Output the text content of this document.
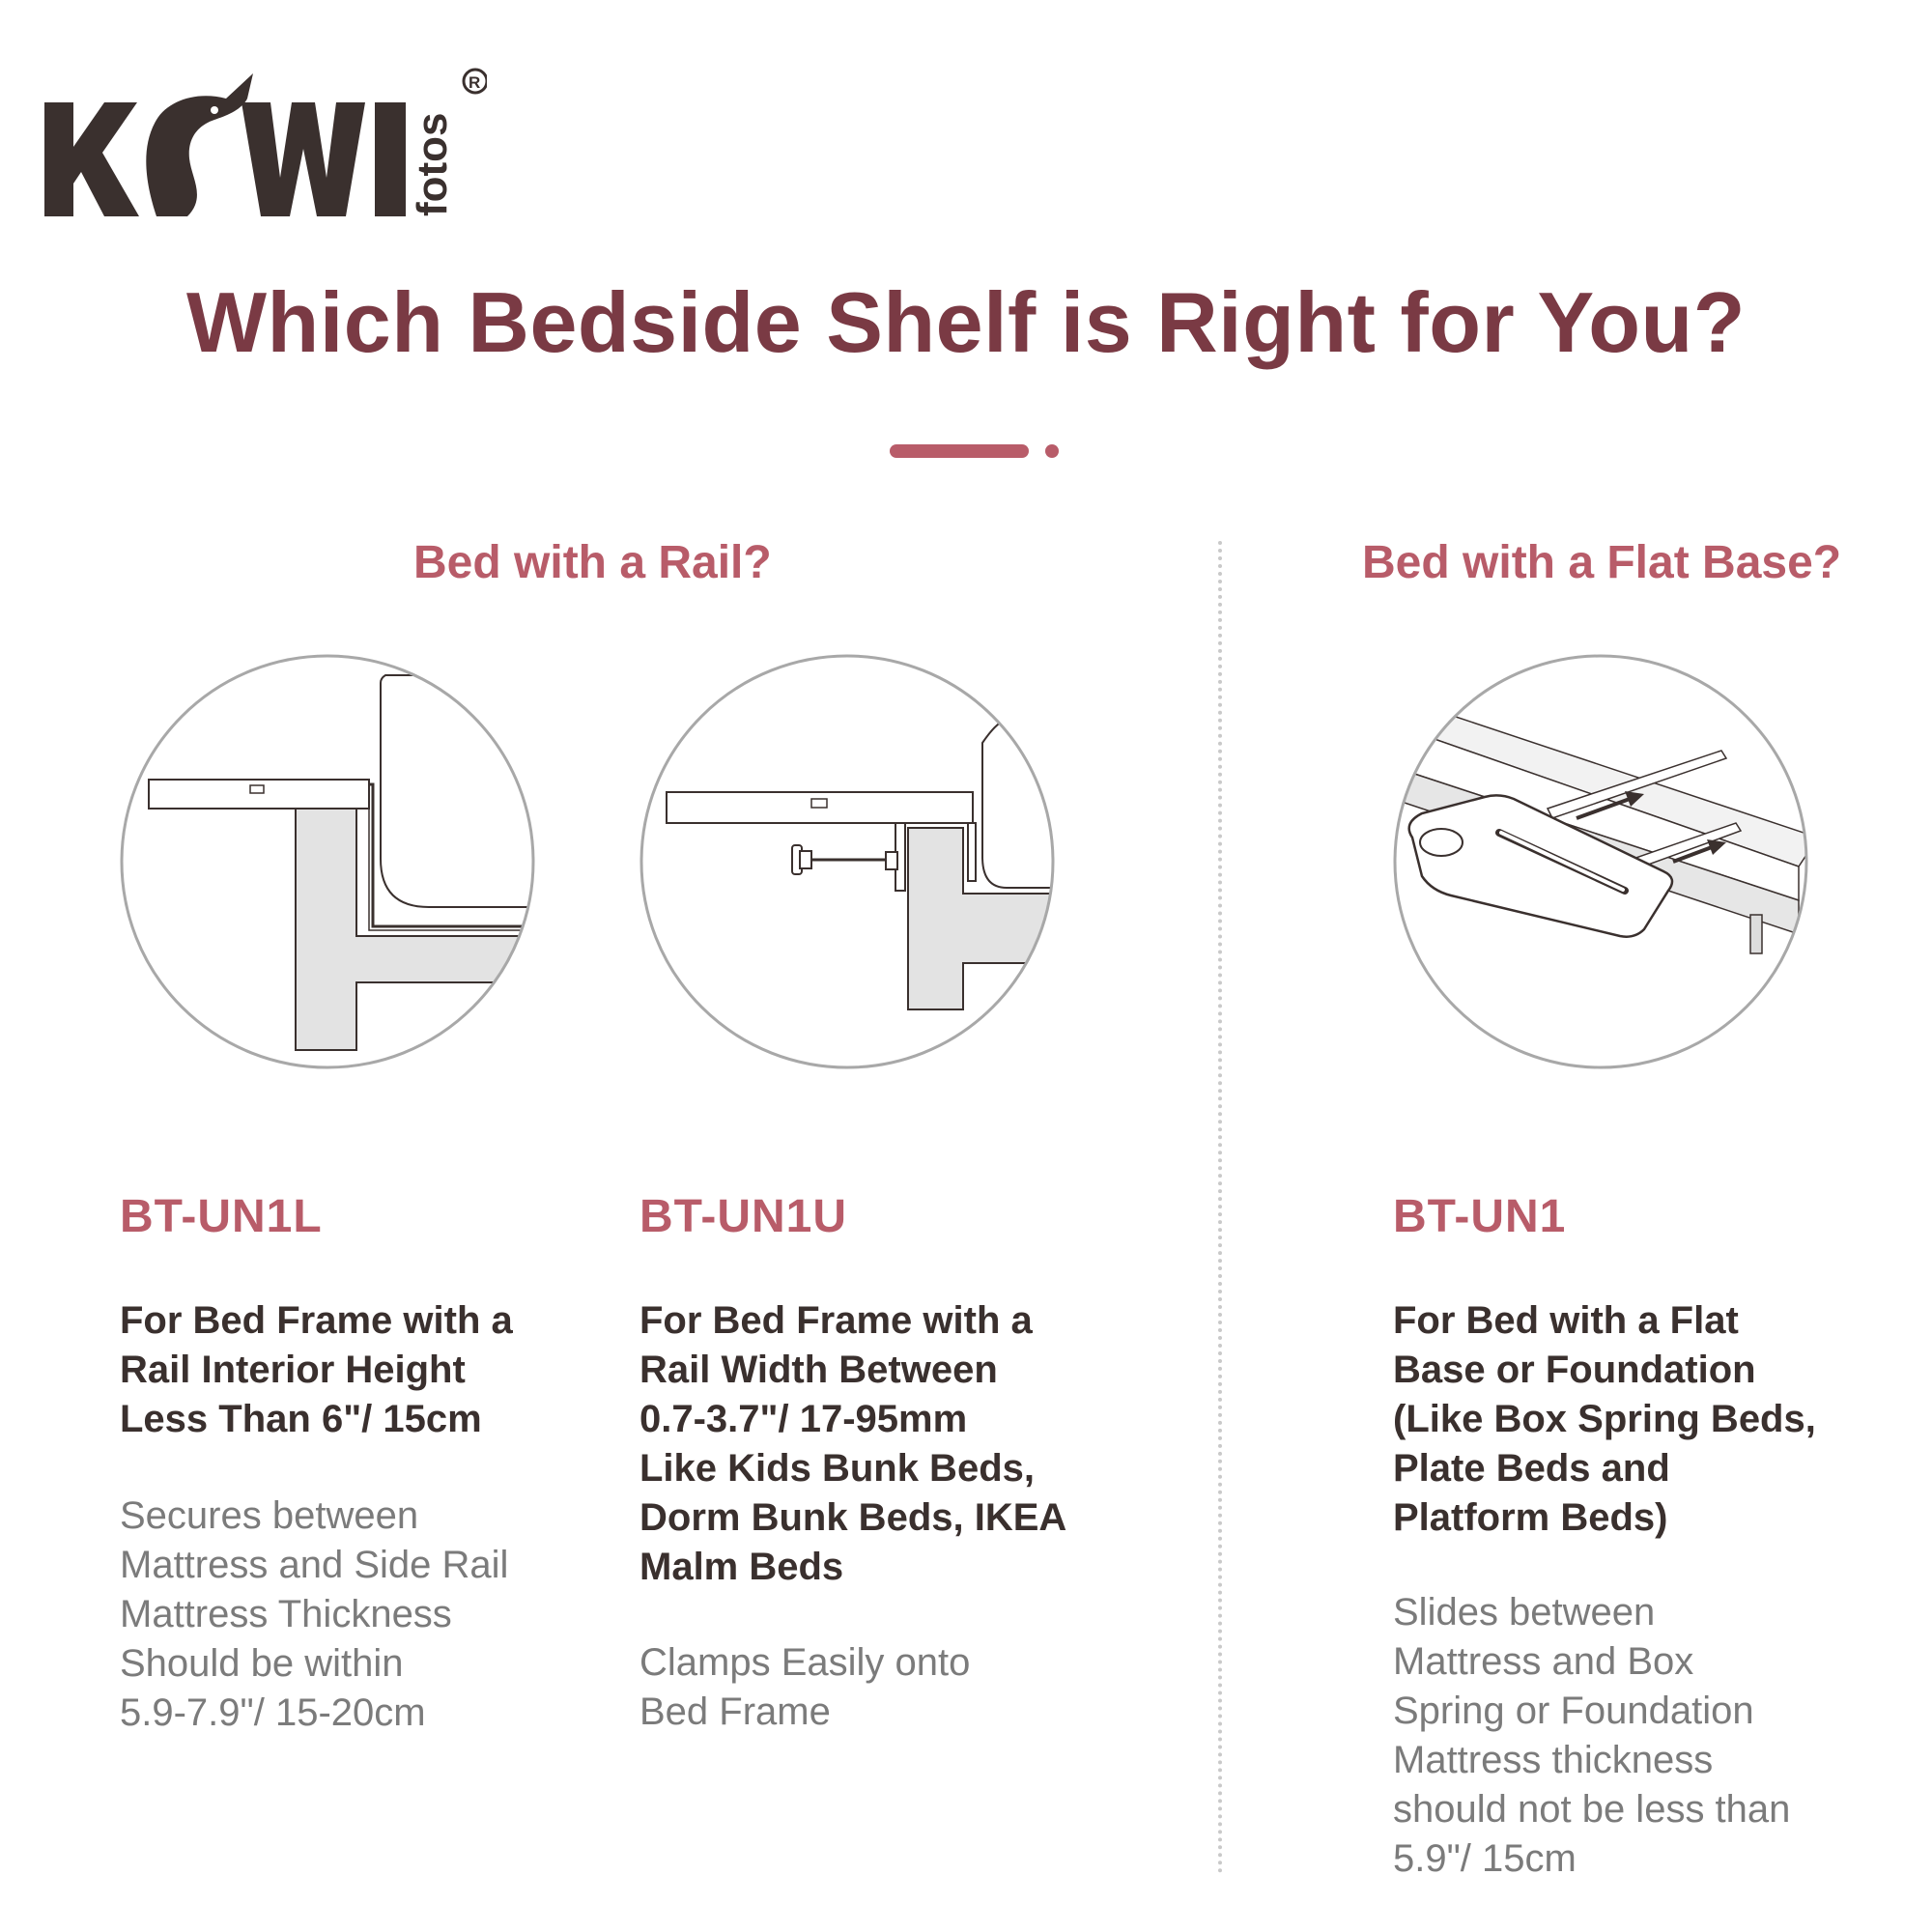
fotos
R
Which Bedside Shelf is Right for You?
Bed with a Rail?	Bed with a Flat Base?
BT-UN1L
For Bed Frame with a
Rail Interior Height
Less Than 6"/ 15cm
Secures between
Mattress and Side Rail
Mattress Thickness
Should be within
5.9-7.9"/ 15-20cm
BT-UN1U
For Bed Frame with a
Rail Width Between
0.7-3.7"/ 17-95mm
Like Kids Bunk Beds,
Dorm Bunk Beds, IKEA
Malm Beds
Clamps Easily onto
Bed Frame
BT-UN1
For Bed with a Flat
Base or Foundation
(Like Box Spring Beds,
Plate Beds and
Platform Beds)
Slides between
Mattress and Box
Spring or Foundation
Mattress thickness
should not be less than
5.9"/ 15cm
